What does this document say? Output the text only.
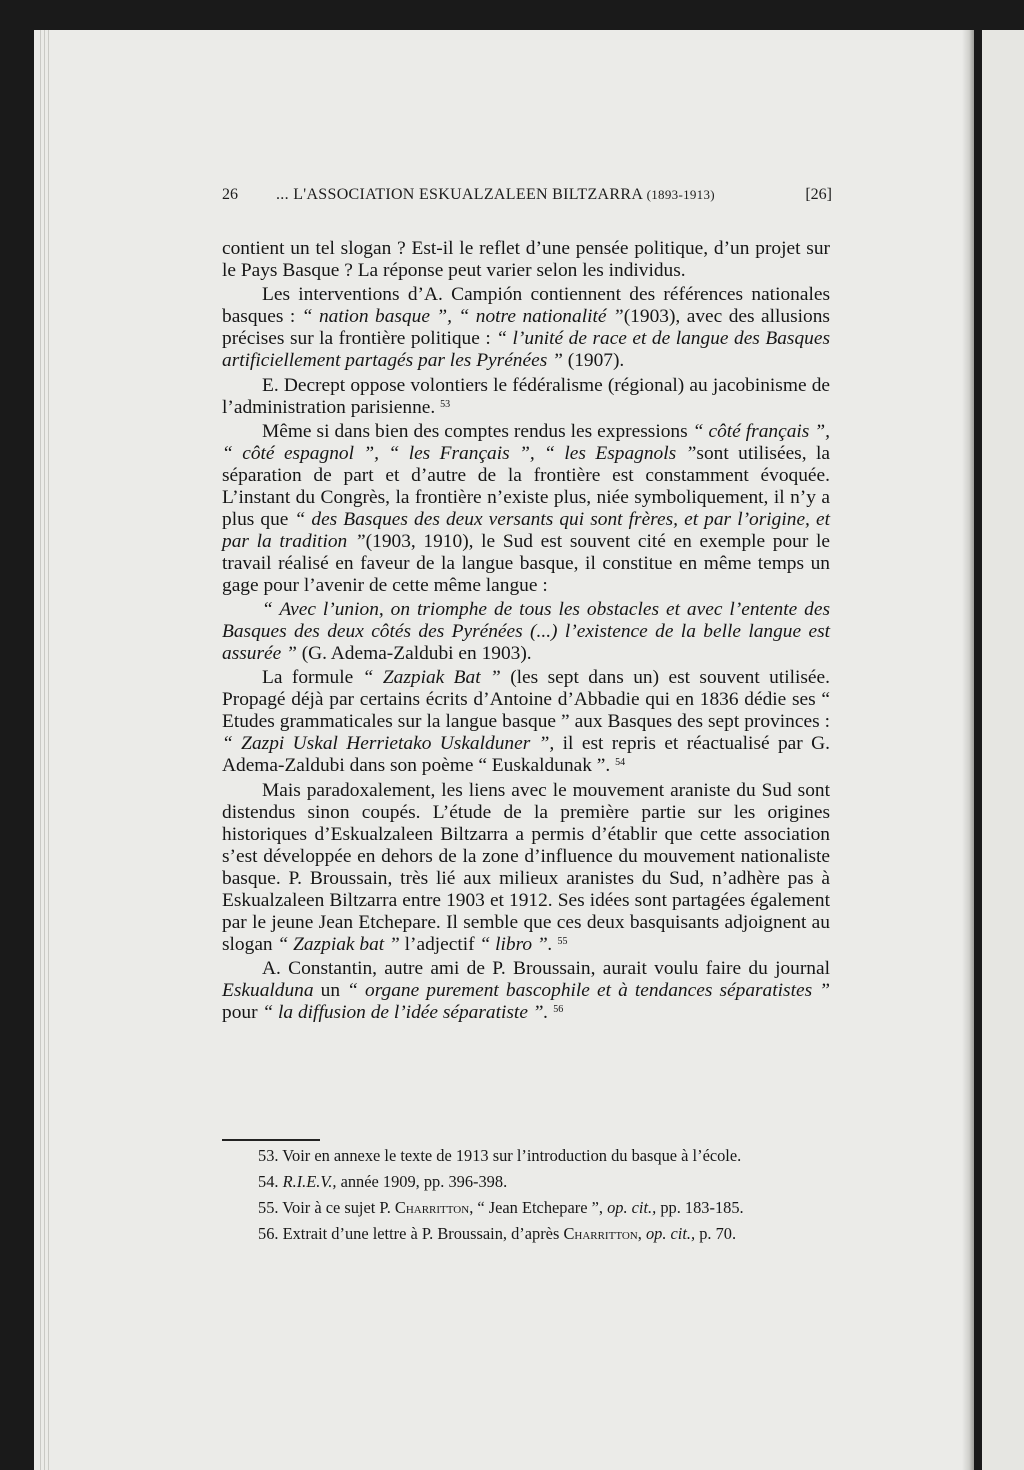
26 ... L'ASSOCIATION ESKUALZALEEN BILTZARRA (1893-1913)	[26]

contient un tel slogan ? Est-il le reflet d’une pensée politique, d’un projet sur le Pays Basque ? La réponse peut varier selon les individus.

Les interventions d’A. Campión contiennent des références nationales basques : “ nation basque ”, “ notre nationalité ”(1903), avec des allusions précises sur la frontière politique : “ l’unité de race et de langue des Basques artificiellement partagés par les Pyrénées ” (1907).

E. Decrept oppose volontiers le fédéralisme (régional) au jacobinisme de l’administration parisienne. $^{53}$

Même si dans bien des comptes rendus les expressions “ côté français ”, “ côté espagnol ”, “ les Français ”, “ les Espagnols ”sont utilisées, la séparation de part et d’autre de la frontière est constamment évoquée. L’instant du Congrès, la frontière n’existe plus, niée symboliquement, il n’y a plus que “ des Basques des deux versants qui sont frères, et par l’origine, et par la tradition ”(1903, 1910), le Sud est souvent cité en exemple pour le travail réalisé en faveur de la langue basque, il constitue en même temps un gage pour l’avenir de cette même langue :

“ Avec l’union, on triomphe de tous les obstacles et avec l’entente des Basques des deux côtés des Pyrénées (...) l’existence de la belle langue est assurée ” (G. Adema-Zaldubi en 1903).

La formule “ Zazpiak Bat ” (les sept dans un) est souvent utilisée. Propagé déjà par certains écrits d’Antoine d’Abbadie qui en 1836 dédie ses “ Etudes grammaticales sur la langue basque ” aux Basques des sept provinces : “ Zazpi Uskal Herrietako Uskalduner ”, il est repris et réactualisé par G. Adema-Zaldubi dans son poème “ Euskaldunak ”. $^{54}$

Mais paradoxalement, les liens avec le mouvement araniste du Sud sont distendus sinon coupés. L’étude de la première partie sur les origines historiques d’Eskualzaleen Biltzarra a permis d’établir que cette association s’est développée en dehors de la zone d’influence du mouvement nationaliste basque. P. Broussain, très lié aux milieux aranistes du Sud, n’adhère pas à Eskualzaleen Biltzarra entre 1903 et 1912. Ses idées sont partagées également par le jeune Jean Etchepare. Il semble que ces deux basquisants adjoignent au slogan “ Zazpiak bat ” l’adjectif “ libro ”. $^{55}$

A. Constantin, autre ami de P. Broussain, aurait voulu faire du journal Eskualduna un “ organe purement bascophile et à tendances séparatistes ” pour “ la diffusion de l’idée séparatiste ”. $^{56}$

53. Voir en annexe le texte de 1913 sur l’introduction du basque à l’école.
54. R.I.E.V., année 1909, pp. 396-398.
55. Voir à ce sujet P. Charritton, “ Jean Etchepare ”, op. cit., pp. 183-185.
56. Extrait d’une lettre à P. Broussain, d’après Charritton, op. cit., p. 70.
